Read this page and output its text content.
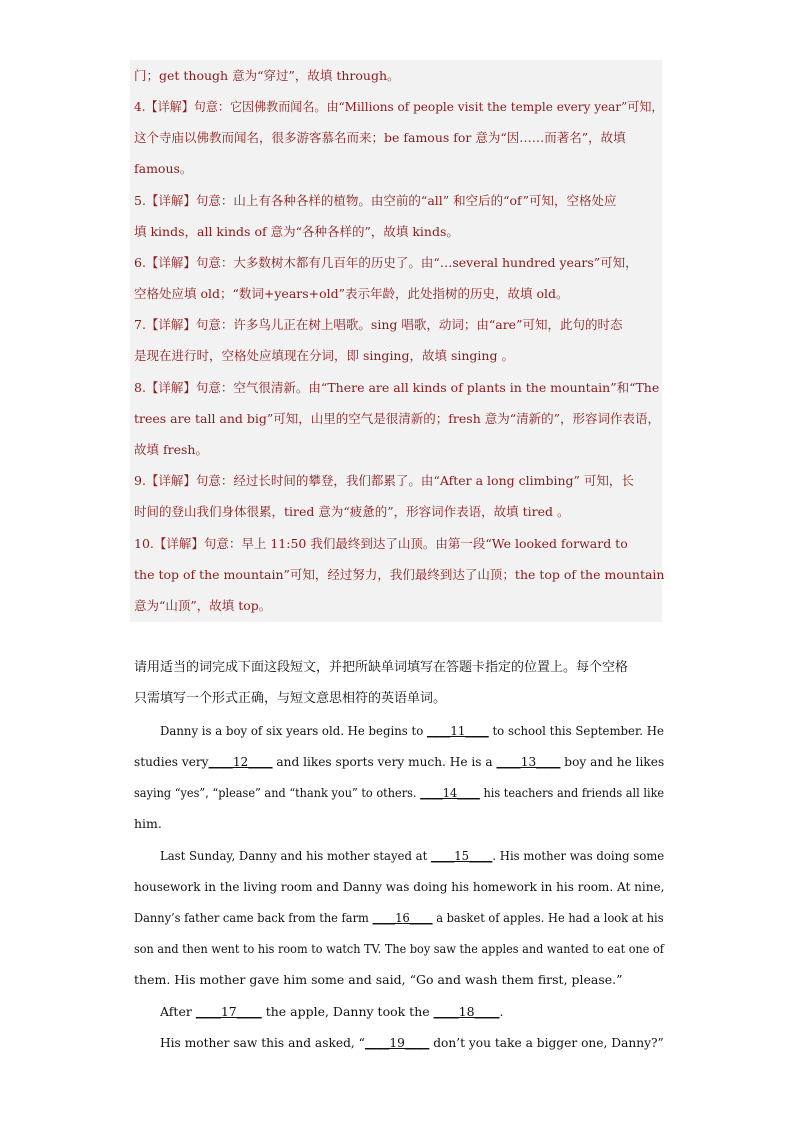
门；get though 意为“穿过”，故填 through。
4.【详解】句意：它因佛教而闻名。由“Millions of people visit the temple every year”可知，
这个寺庙以佛教而闻名，很多游客慕名而来；be famous for 意为“因……而著名”，故填
famous。
5.【详解】句意：山上有各种各样的植物。由空前的“all” 和空后的“of”可知，空格处应
填 kinds，all kinds of 意为“各种各样的”，故填 kinds。
6.【详解】句意：大多数树木都有几百年的历史了。由“…several hundred years”可知，
空格处应填 old；“数词+years+old”表示年龄，此处指树的历史，故填 old。
7.【详解】句意：许多鸟儿正在树上唱歌。sing 唱歌，动词；由“are”可知，此句的时态
是现在进行时，空格处应填现在分词，即 singing，故填 singing 。
8.【详解】句意：空气很清新。由“There are all kinds of plants in the mountain”和“The
trees are tall and big”可知，山里的空气是很清新的；fresh 意为“清新的”，形容词作表语，
故填 fresh。
9.【详解】句意：经过长时间的攀登，我们都累了。由“After a long climbing” 可知，长
时间的登山我们身体很累，tired 意为“疲惫的”，形容词作表语，故填 tired 。
10.【详解】句意：早上 11:50 我们最终到达了山顶。由第一段“We looked forward to
the top of the mountain”可知，经过努力，我们最终到达了山顶；the top of the mountain
意为“山顶”，故填 top。
请用适当的词完成下面这段短文，并把所缺单词填写在答题卡指定的位置上。每个空格
只需填写一个形式正确，与短文意思相符的英语单词。
Danny is a boy of six years old. He begins to ____11____ to school this September. He
studies very____12____ and likes sports very much. He is a ____13____ boy and he likes
saying “yes”, “please” and “thank you” to others. ____14____ his teachers and friends all like
him.
Last Sunday, Danny and his mother stayed at ____15____. His mother was doing some
housework in the living room and Danny was doing his homework in his room. At nine,
Danny’s father came back from the farm ____16____ a basket of apples. He had a look at his
son and then went to his room to watch TV. The boy saw the apples and wanted to eat one of
them. His mother gave him some and said, “Go and wash them first, please.”
After ____17____ the apple, Danny took the ____18____.
His mother saw this and asked, “____19____ don’t you take a bigger one, Danny?”
